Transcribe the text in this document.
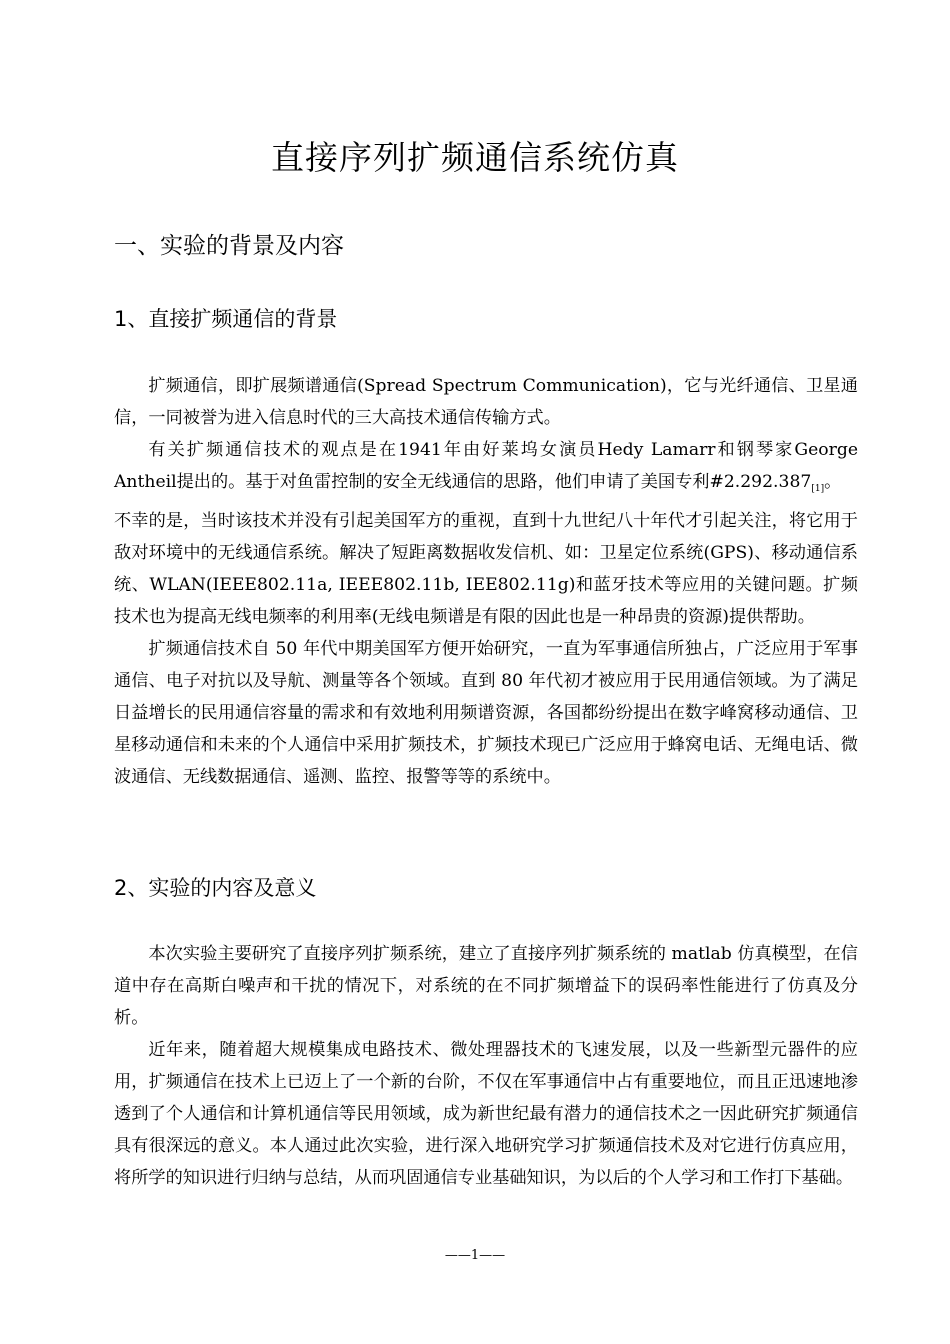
直接序列扩频通信系统仿真
一、实验的背景及内容
1、直接扩频通信的背景

扩频通信，即扩展频谱通信(Spread Spectrum Communication)，它与光纤通信、卫星通信，一同被誉为进入信息时代的三大高技术通信传输方式。

有关扩频通信技术的观点是在1941年由好莱坞女演员Hedy Lamarr和钢琴家George Antheil提出的。基于对鱼雷控制的安全无线通信的思路，他们申请了美国专利$\#2.292.387_{[1]}$。

不幸的是，当时该技术并没有引起美国军方的重视，直到十九世纪八十年代才引起关注，将它用于敌对环境中的无线通信系统。解决了短距离数据收发信机、如：卫星定位系统(GPS)、移动通信系统、WLAN(IEEE802.11a, IEEE802.11b, IEE802.11g)和蓝牙技术等应用的关键问题。扩频技术也为提高无线电频率的利用率(无线电频谱是有限的因此也是一种昂贵的资源)提供帮助。

扩频通信技术自 50 年代中期美国军方便开始研究，一直为军事通信所独占，广泛应用于军事通信、电子对抗以及导航、测量等各个领域。直到 80 年代初才被应用于民用通信领域。为了满足日益增长的民用通信容量的需求和有效地利用频谱资源，各国都纷纷提出在数字峰窝移动通信、卫星移动通信和未来的个人通信中采用扩频技术，扩频技术现已广泛应用于蜂窝电话、无绳电话、微波通信、无线数据通信、遥测、监控、报警等等的系统中。

2、实验的内容及意义

本次实验主要研究了直接序列扩频系统，建立了直接序列扩频系统的 matlab 仿真模型，在信道中存在高斯白噪声和干扰的情况下，对系统的在不同扩频增益下的误码率性能进行了仿真及分析。

近年来，随着超大规模集成电路技术、微处理器技术的飞速发展，以及一些新型元器件的应用，扩频通信在技术上已迈上了一个新的台阶，不仅在军事通信中占有重要地位，而且正迅速地渗透到了个人通信和计算机通信等民用领域，成为新世纪最有潜力的通信技术之一因此研究扩频通信具有很深远的意义。本人通过此次实验，进行深入地研究学习扩频通信技术及对它进行仿真应用，将所学的知识进行归纳与总结，从而巩固通信专业基础知识，为以后的个人学习和工作打下基础。

——1——
